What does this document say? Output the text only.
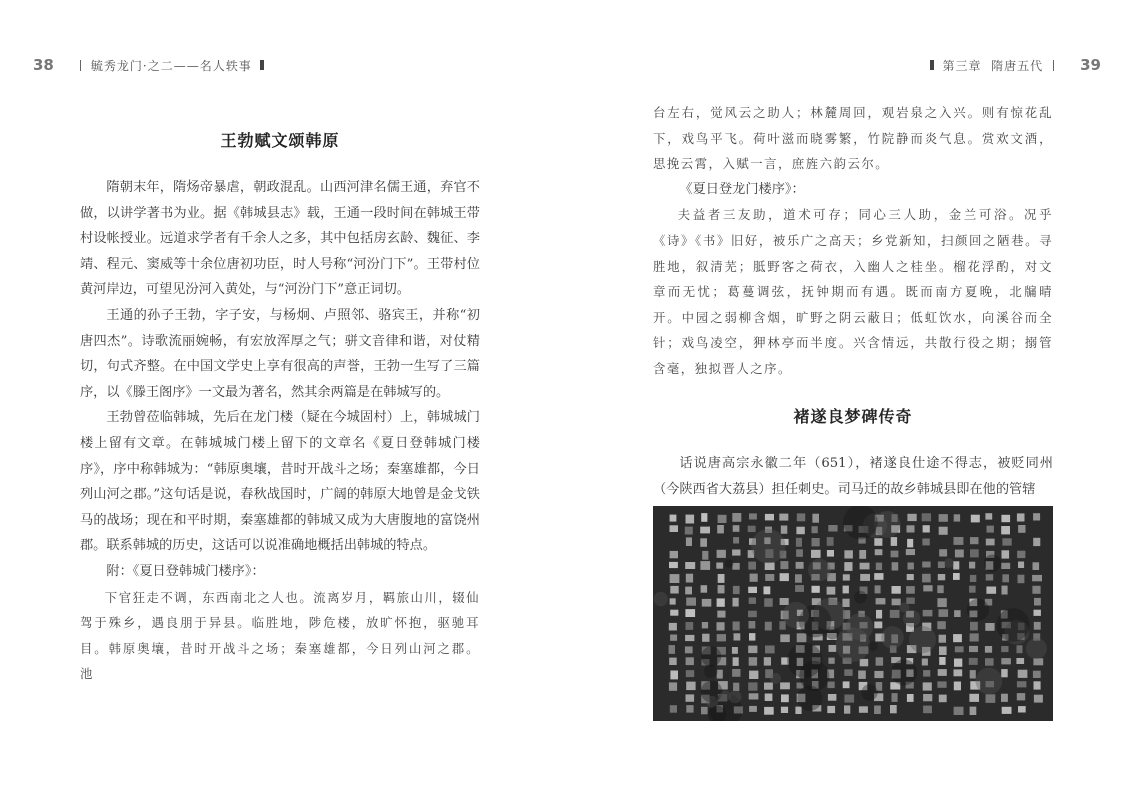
38	毓秀龙门·之二——名人轶事
王勃赋文颂韩原

隋朝末年，隋炀帝暴虐，朝政混乱。山西河津名儒王通，弃官不做，以讲学著书为业。据《韩城县志》载，王通一段时间在韩城王带村设帐授业。远道求学者有千余人之多，其中包括房玄龄、魏征、李靖、程元、窦威等十余位唐初功臣，时人号称“河汾门下”。王带村位黄河岸边，可望见汾河入黄处，与“河汾门下”意正词切。

王通的孙子王勃，字子安，与杨炯、卢照邻、骆宾王，并称“初唐四杰”。诗歌流丽婉畅，有宏放浑厚之气；骈文音律和谐，对仗精切，句式齐整。在中国文学史上享有很高的声誉，王勃一生写了三篇序，以《滕王阁序》一文最为著名，然其余两篇是在韩城写的。

王勃曾莅临韩城，先后在龙门楼（疑在今城固村）上，韩城城门楼上留有文章。在韩城城门楼上留下的文章名《夏日登韩城门楼序》，序中称韩城为：“韩原奥壤，昔时开战斗之场；秦塞雄都，今日列山河之郡。”这句话是说，春秋战国时，广阔的韩原大地曾是金戈铁马的战场；现在和平时期，秦塞雄都的韩城又成为大唐腹地的富饶州郡。联系韩城的历史，这话可以说准确地概括出韩城的特点。

附：《夏日登韩城门楼序》：

下官狂走不调，东西南北之人也。流离岁月，羁旅山川，辍仙驾于殊乡，遇良朋于异县。临胜地，陟危楼，放旷怀抱，驱驰耳目。韩原奥壤，昔时开战斗之场；秦塞雄都，今日列山河之郡。池

第三章  隋唐五代 39

台左右，觉风云之助人；林麓周回，观岩泉之入兴。则有惊花乱下，戏鸟平飞。荷叶滋而晓雾繁，竹院静而炎气息。赏欢文酒，思挽云霄，入赋一言，庶旌六韵云尔。

《夏日登龙门楼序》：

夫益者三友助，道术可存；同心三人助，金兰可浴。况乎《诗》《书》旧好，被乐广之高天；乡党新知，扫颜回之陋巷。寻胜地，叙清芜；胝野客之荷衣，入幽人之桂坐。榴花浮酌，对文章而无忧；葛蔓调弦，抚钟期而有遇。既而南方夏晚，北牖晴开。中园之弱柳含烟，旷野之阴云蔽日；低虹饮水，向溪谷而全针；戏鸟凌空，狎林亭而半度。兴含情远，共散行役之期；搦管含毫，独拟晋人之序。

褚遂良梦碑传奇

话说唐高宗永徽二年（651），褚遂良仕途不得志，被贬同州（今陕西省大荔县）担任刺史。司马迁的故乡韩城县即在他的管辖
